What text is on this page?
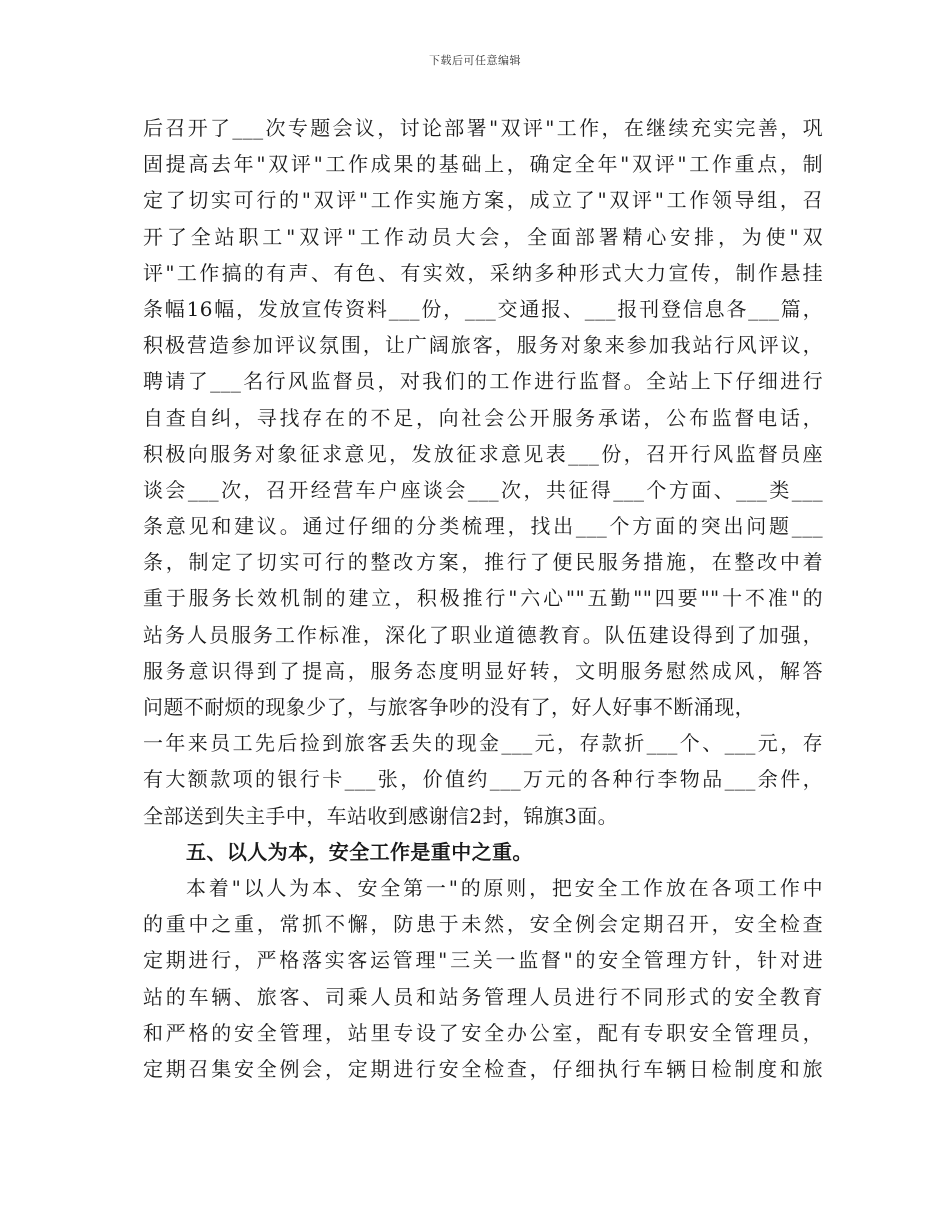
下载后可任意编辑
后召开了___次专题会议，讨论部署"双评"工作，在继续充实完善，巩
固提高去年"双评"工作成果的基础上，确定全年"双评"工作重点，制
定了切实可行的"双评"工作实施方案，成立了"双评"工作领导组，召
开了全站职工"双评"工作动员大会，全面部署精心安排，为使"双
评"工作搞的有声、有色、有实效，采纳多种形式大力宣传，制作悬挂
条幅16幅，发放宣传资料___份，___交通报、___报刊登信息各___篇，
积极营造参加评议氛围，让广阔旅客，服务对象来参加我站行风评议，
聘请了___名行风监督员，对我们的工作进行监督。全站上下仔细进行
自查自纠，寻找存在的不足，向社会公开服务承诺，公布监督电话，
积极向服务对象征求意见，发放征求意见表___份，召开行风监督员座
谈会___次，召开经营车户座谈会___次，共征得___个方面、___类___
条意见和建议。通过仔细的分类梳理，找出___个方面的突出问题___
条，制定了切实可行的整改方案，推行了便民服务措施，在整改中着
重于服务长效机制的建立，积极推行"六心""五勤""四要""十不准"的
站务人员服务工作标准，深化了职业道德教育。队伍建设得到了加强，
服务意识得到了提高，服务态度明显好转，文明服务慰然成风，解答
问题不耐烦的现象少了，与旅客争吵的没有了，好人好事不断涌现，
一年来员工先后捡到旅客丢失的现金___元，存款折___个、___元，存
有大额款项的银行卡___张，价值约___万元的各种行李物品___余件，
全部送到失主手中，车站收到感谢信2封，锦旗3面。
五、以人为本，安全工作是重中之重。
本着"以人为本、安全第一"的原则，把安全工作放在各项工作中
的重中之重，常抓不懈，防患于未然，安全例会定期召开，安全检查
定期进行，严格落实客运管理"三关一监督"的安全管理方针，针对进
站的车辆、旅客、司乘人员和站务管理人员进行不同形式的安全教育
和严格的安全管理，站里专设了安全办公室，配有专职安全管理员，
定期召集安全例会，定期进行安全检查，仔细执行车辆日检制度和旅
